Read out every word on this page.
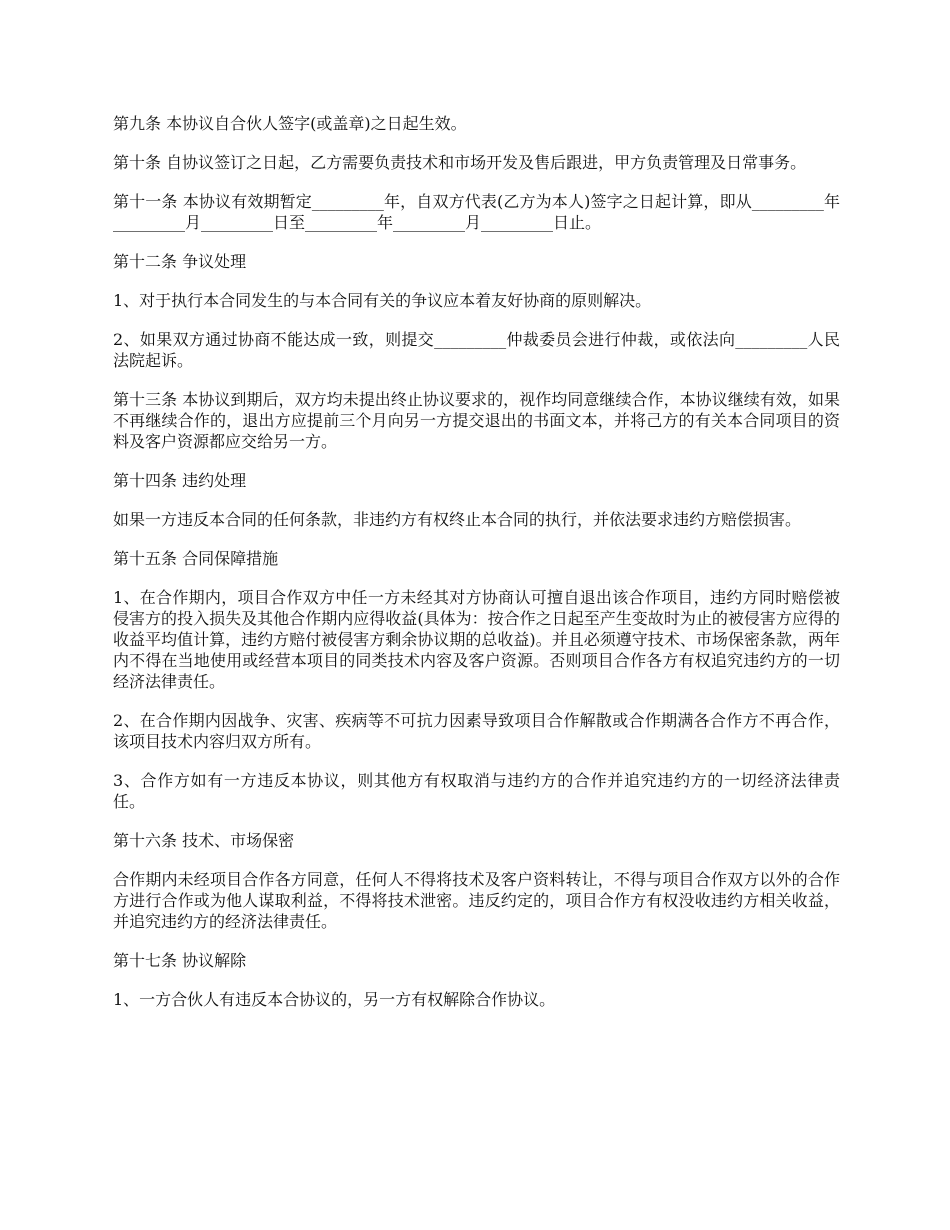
第九条 本协议自合伙人签字(或盖章)之日起生效。

第十条 自协议签订之日起，乙方需要负责技术和市场开发及售后跟进，甲方负责管理及日常事务。

第十一条 本协议有效期暂定_________年，自双方代表(乙方为本人)签字之日起计算，即从_________年_________月_________日至_________年_________月_________日止。

第十二条 争议处理

1、对于执行本合同发生的与本合同有关的争议应本着友好协商的原则解决。

2、如果双方通过协商不能达成一致，则提交_________仲裁委员会进行仲裁，或依法向_________人民法院起诉。

第十三条 本协议到期后，双方均未提出终止协议要求的，视作均同意继续合作，本协议继续有效，如果不再继续合作的，退出方应提前三个月向另一方提交退出的书面文本，并将己方的有关本合同项目的资料及客户资源都应交给另一方。

第十四条 违约处理

如果一方违反本合同的任何条款，非违约方有权终止本合同的执行，并依法要求违约方赔偿损害。

第十五条 合同保障措施

1、在合作期内，项目合作双方中任一方未经其对方协商认可擅自退出该合作项目，违约方同时赔偿被侵害方的投入损失及其他合作期内应得收益(具体为：按合作之日起至产生变故时为止的被侵害方应得的收益平均值计算，违约方赔付被侵害方剩余协议期的总收益)。并且必须遵守技术、市场保密条款，两年内不得在当地使用或经营本项目的同类技术内容及客户资源。否则项目合作各方有权追究违约方的一切经济法律责任。

2、在合作期内因战争、灾害、疾病等不可抗力因素导致项目合作解散或合作期满各合作方不再合作，该项目技术内容归双方所有。

3、合作方如有一方违反本协议，则其他方有权取消与违约方的合作并追究违约方的一切经济法律责任。

第十六条 技术、市场保密

合作期内未经项目合作各方同意，任何人不得将技术及客户资料转让，不得与项目合作双方以外的合作方进行合作或为他人谋取利益，不得将技术泄密。违反约定的，项目合作方有权没收违约方相关收益，并追究违约方的经济法律责任。

第十七条 协议解除

1、一方合伙人有违反本合协议的，另一方有权解除合作协议。
